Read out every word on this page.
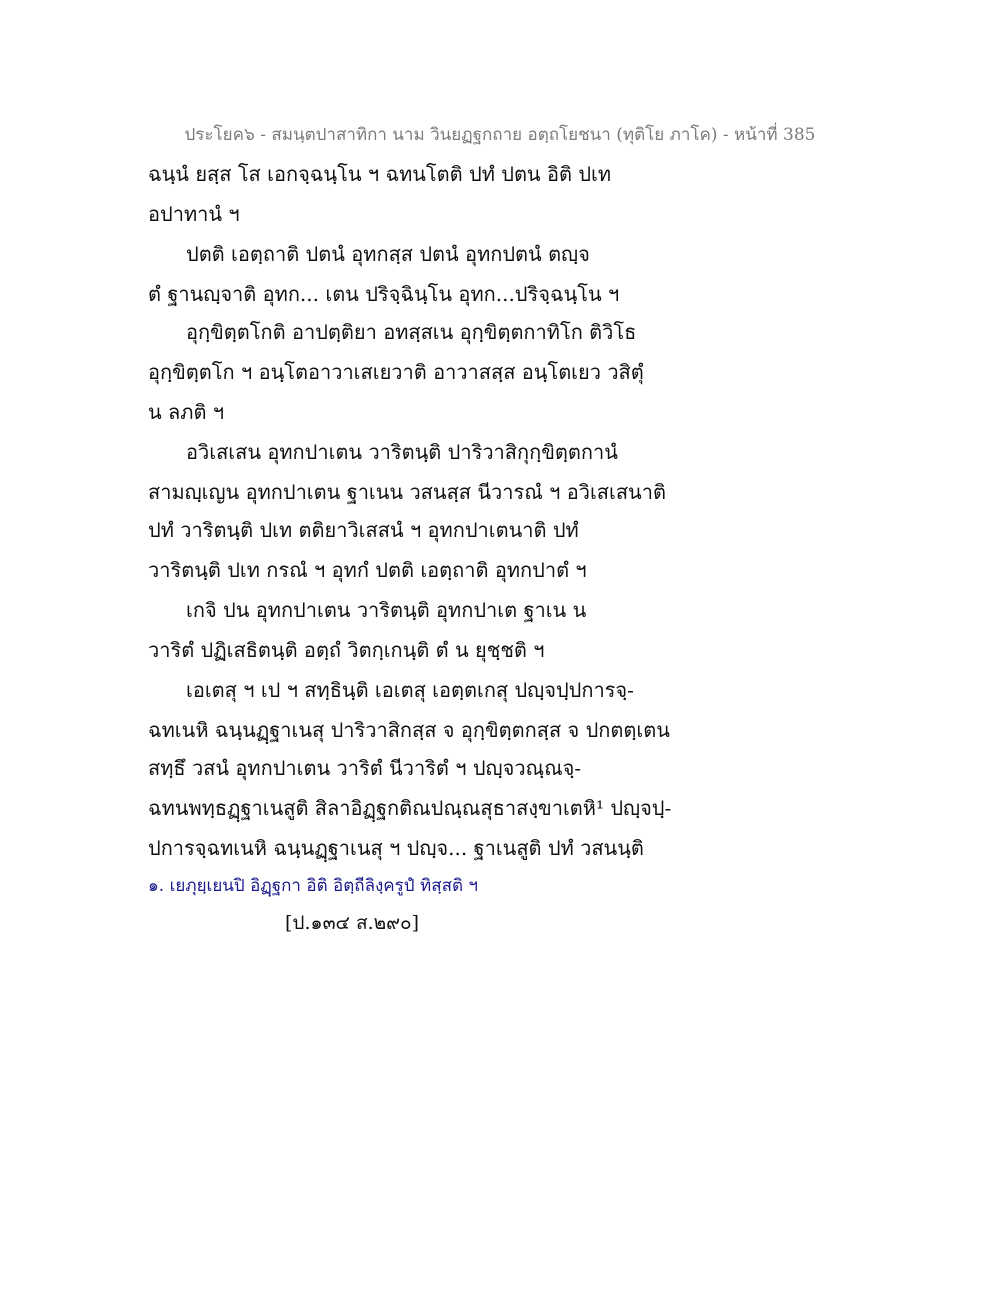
ประโยค๖ - สมนฺตปาสาทิกา นาม วินยฏฐกถาย อตฺถโยชนา (ทุติโย ภาโค) - หน้าที่ 385
ฉนฺนํ ยสฺส โส เอกจฺฉนฺโน ฯ ฉทนโตติ ปทํ ปตน อิติ ปเท
อปาทานํ ฯ
ปตติ เอตฺถาติ ปตนํ อุทกสฺส ปตนํ อุทกปตนํ ตญฺจ
ตํ ฐานญฺจาติ อุทก... เตน ปริจฺฉินฺโน อุทก...ปริจฺฉนฺโน ฯ
อุกฺขิตฺตโกติ อาปตฺติยา อทสฺสเน อุกฺขิตฺตกาทิโก ติวิโธ
อุกฺขิตฺตโก ฯ อนฺโตอาวาเสเยวาติ อาวาสสฺส อนฺโตเยว วสิตุํ
น ลภติ ฯ
อวิเสเสน อุทกปาเตน วาริตนฺติ ปาริวาสิกุกฺขิตฺตกานํ
สามญฺเญน อุทกปาเตน ฐาเนน วสนสฺส นีวารณํ ฯ อวิเสเสนาติ
ปทํ วาริตนฺติ ปเท ตติยาวิเสสนํ ฯ อุทกปาเตนาติ ปทํ
วาริตนฺติ ปเท กรณํ ฯ อุทกํ ปตติ เอตฺถาติ อุทกปาตํ ฯ
เกจิ ปน อุทกปาเตน วาริตนฺติ อุทกปาเต ฐาเน น
วาริตํ ปฏิเสธิตนฺติ อตฺถํ วิตกฺเกนฺติ ตํ น ยุชฺชติ ฯ
เอเตสุ ฯ เป ฯ สทฺธินฺติ เอเตสุ เอตฺตเกสุ ปญฺจปฺปการจฺ-
ฉทเนหิ ฉนฺนฏฺฐาเนสุ ปาริวาสิกสฺส จ อุกฺขิตฺตกสฺส จ ปกตตฺเตน
สทฺธึ วสนํ อุทกปาเตน วาริตํ นีวาริตํ ฯ ปญฺจวณฺณจฺ-
ฉทนพทฺธฏฺฐาเนสูติ สิลาอิฏฺฐกติณปณฺณสุธาสงฺขาเตหิ¹ ปญฺจปฺ-
ปการจฺฉทเนหิ ฉนฺนฏฺฐาเนสุ ฯ ปญฺจ... ฐาเนสูติ ปทํ วสนนฺติ
๑. เยภุยฺเยนปิ อิฏฺฐกา อิติ อิตฺถีลิงฺครูปํ ทิสฺสติ ฯ
[ป.๑๓๔ ส.๒๙๐]
